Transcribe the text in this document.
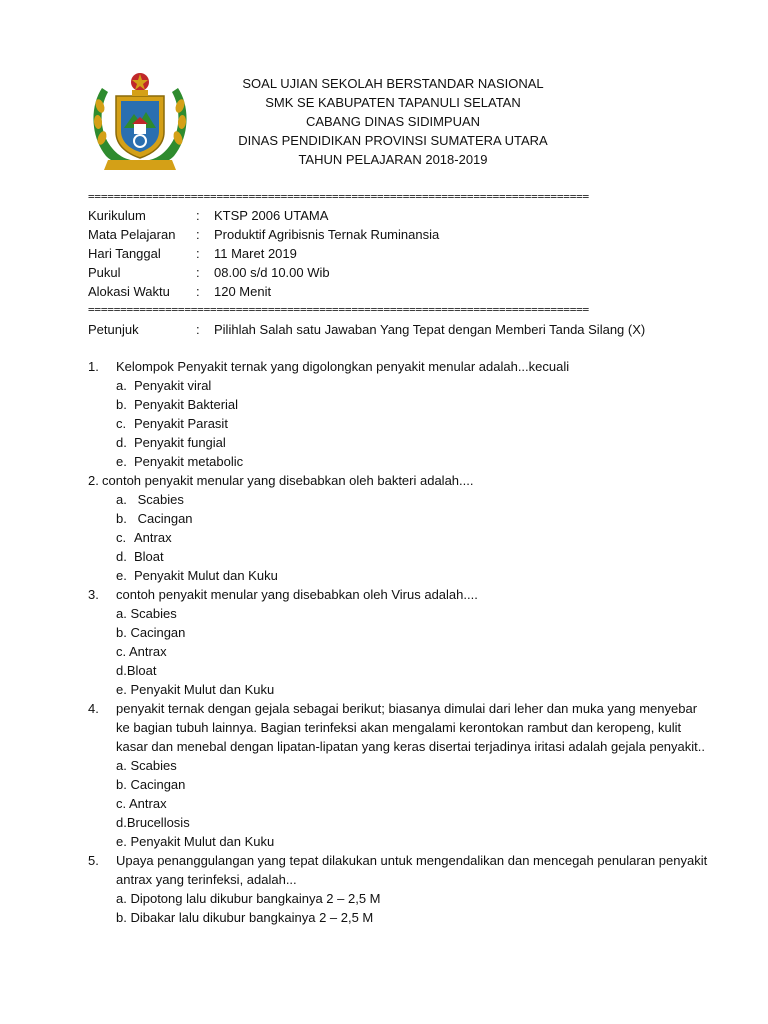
SOAL UJIAN SEKOLAH BERSTANDAR NASIONAL
SMK SE KABUPATEN TAPANULI SELATAN
CABANG DINAS SIDIMPUAN
DINAS PENDIDIKAN PROVINSI SUMATERA UTARA
TAHUN PELAJARAN 2018-2019
==============================================================================
Kurikulum	:	KTSP 2006 UTAMA
Mata Pelajaran	:	Produktif Agribisnis Ternak Ruminansia
Hari Tanggal	:	11 Maret 2019
Pukul	:	08.00 s/d 10.00 Wib
Alokasi Waktu	:	120 Menit
==============================================================================
Petunjuk	:	Pilihlah Salah satu Jawaban Yang Tepat dengan Memberi Tanda Silang (X)
1.	Kelompok Penyakit ternak yang digolongkan penyakit menular adalah...kecuali
a. Penyakit viral
b. Penyakit Bakterial
c. Penyakit Parasit
d. Penyakit fungial
e. Penyakit metabolic
2. contoh penyakit menular yang disebabkan oleh bakteri adalah....
a. Scabies
b. Cacingan
c. Antrax
d. Bloat
e. Penyakit Mulut dan Kuku
3.	contoh penyakit menular yang disebabkan oleh Virus adalah....
a. Scabies
b. Cacingan
c. Antrax
d.Bloat
e. Penyakit Mulut dan Kuku
4.	penyakit ternak dengan gejala sebagai berikut; biasanya dimulai dari leher dan muka yang menyebar ke bagian tubuh lainnya. Bagian terinfeksi akan mengalami kerontokan rambut dan keropeng, kulit kasar dan menebal dengan lipatan-lipatan yang keras disertai terjadinya iritasi adalah gejala penyakit..
a. Scabies
b. Cacingan
c. Antrax
d.Brucellosis
e. Penyakit Mulut dan Kuku
5.	Upaya penanggulangan yang tepat dilakukan untuk mengendalikan dan mencegah penularan penyakit antrax yang terinfeksi, adalah...
a. Dipotong lalu dikubur bangkainya 2 – 2,5 M
b. Dibakar lalu dikubur bangkainya 2 – 2,5 M
